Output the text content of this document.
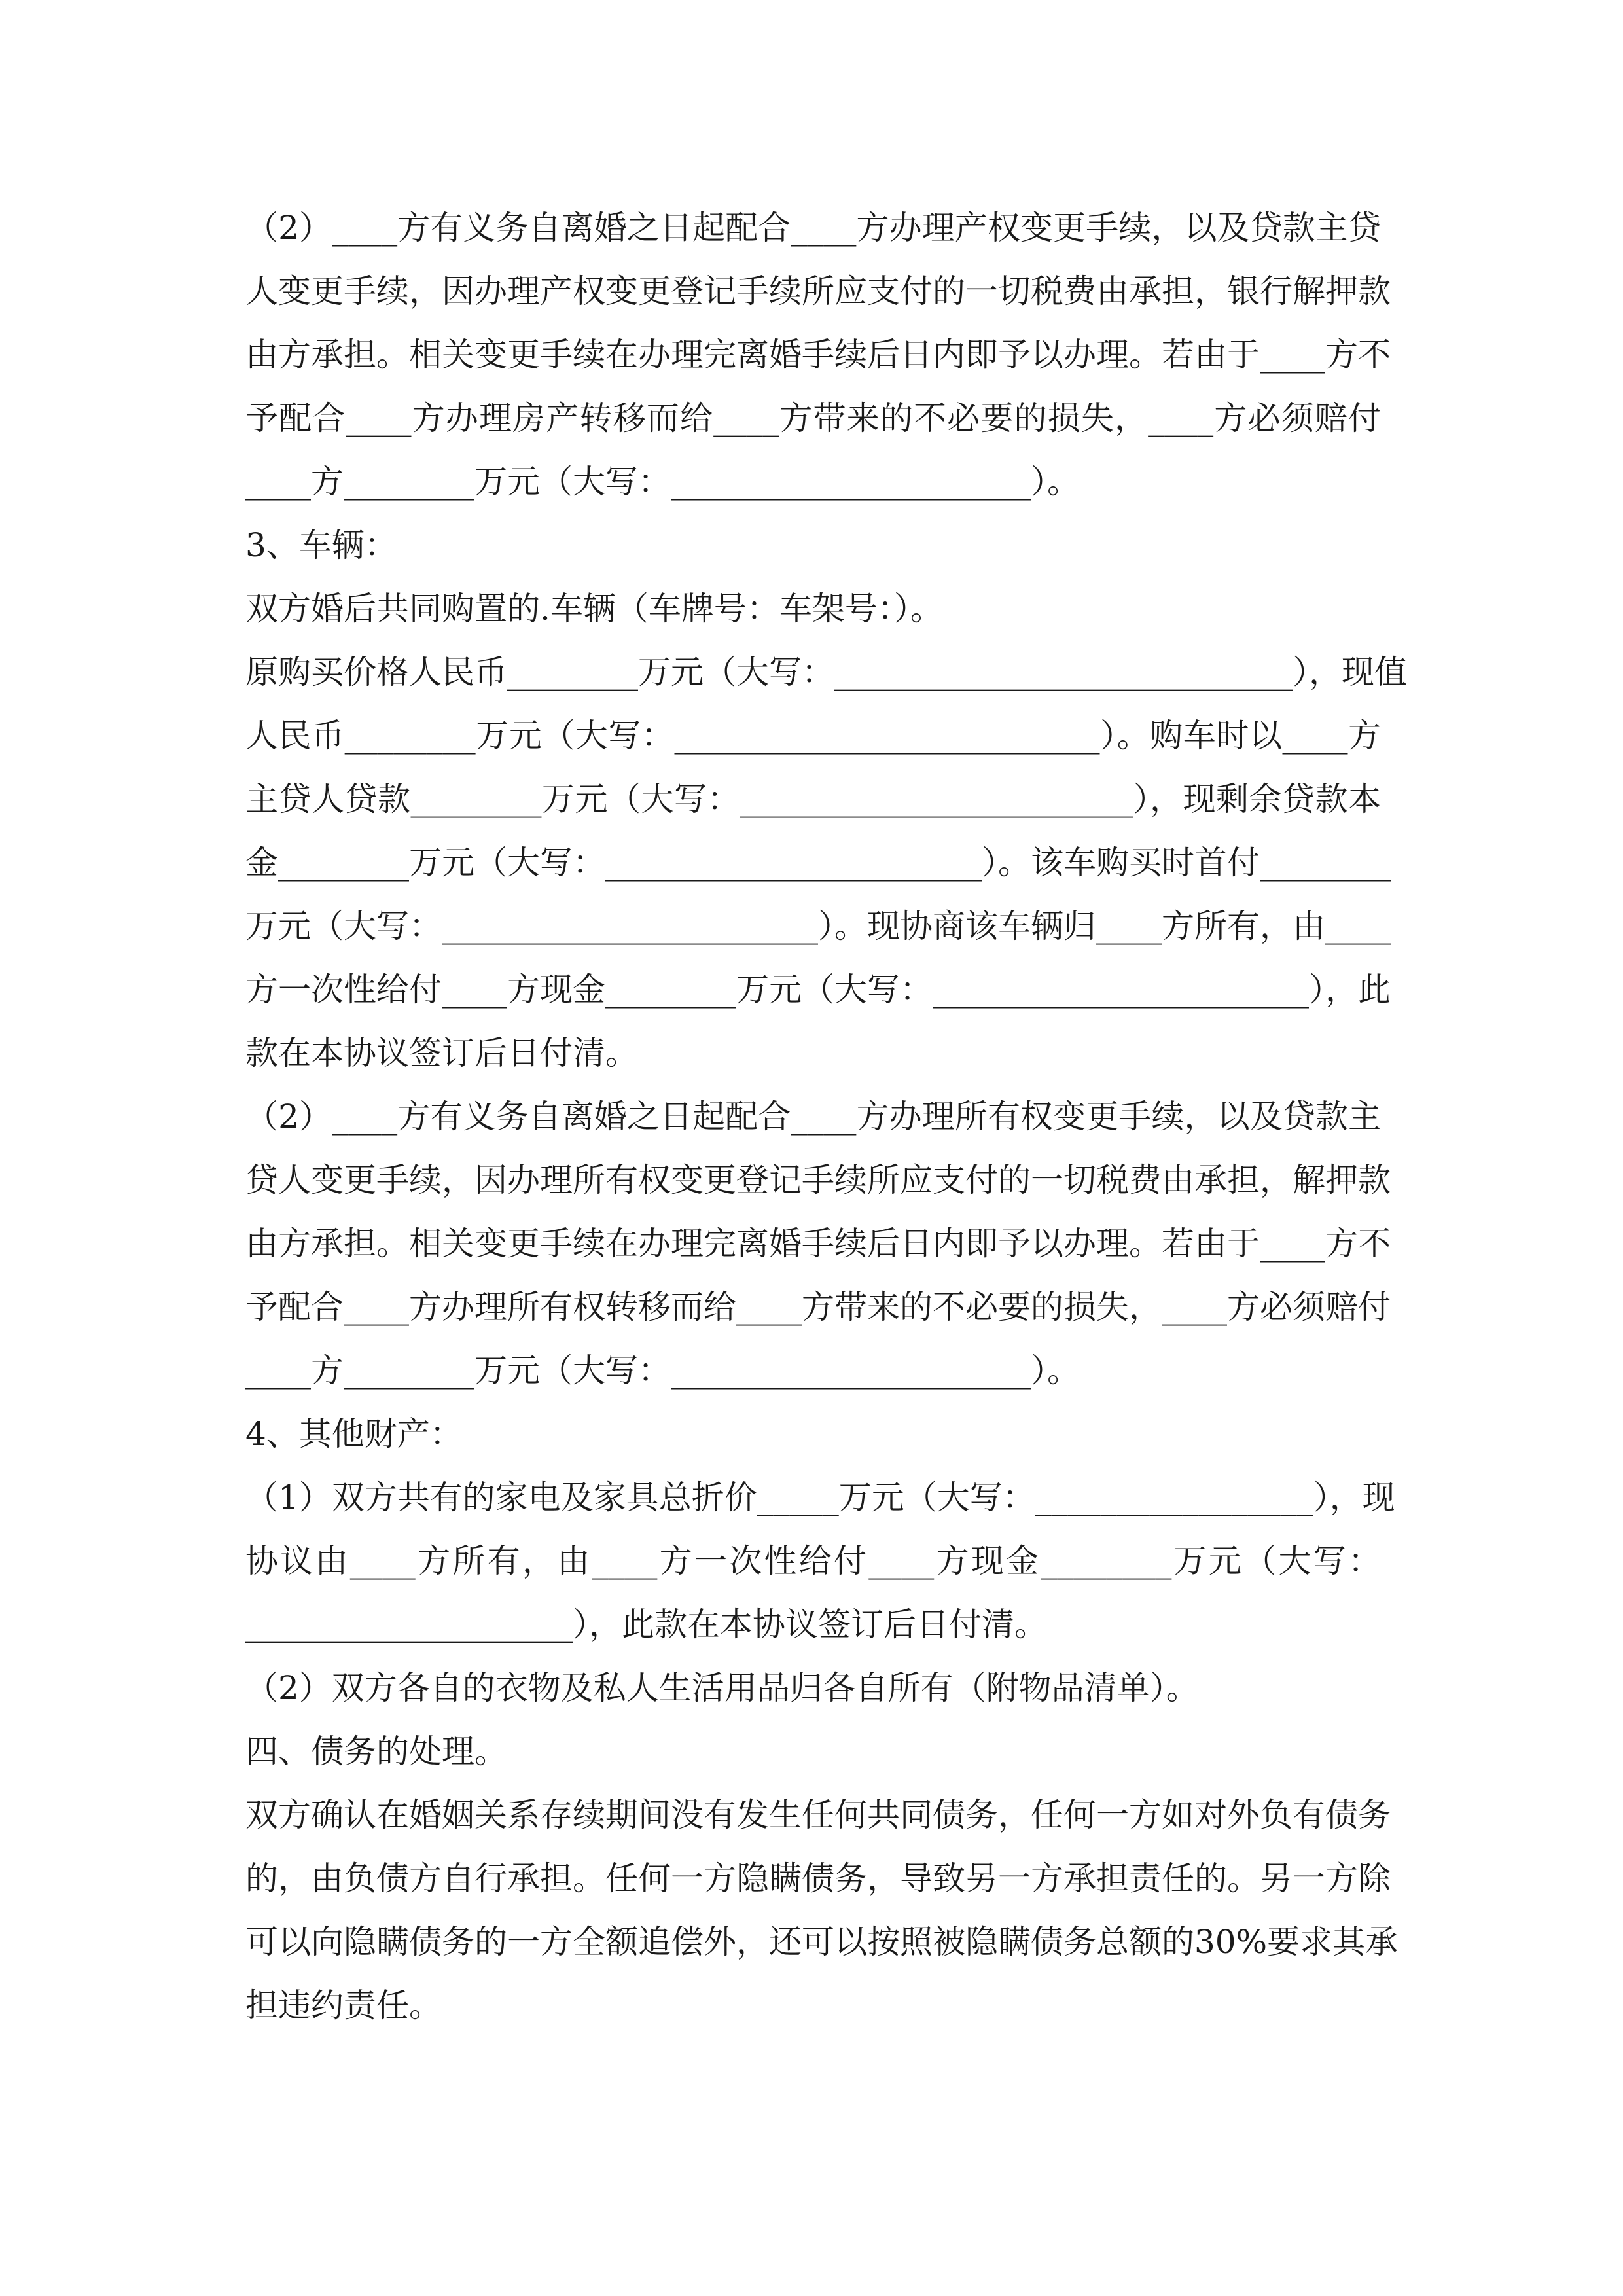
（2）____方有义务自离婚之日起配合____方办理产权变更手续，以及贷款主贷
人变更手续，因办理产权变更登记手续所应支付的一切税费由承担，银行解押款
由方承担。相关变更手续在办理完离婚手续后日内即予以办理。若由于____方不
予配合____方办理房产转移而给____方带来的不必要的损失，____方必须赔付
____方________万元（大写：______________________）。
3、车辆：
双方婚后共同购置的.车辆（车牌号：车架号：）。
原购买价格人民币________万元（大写：____________________________），现值
人民币________万元（大写：__________________________）。购车时以____方
主贷人贷款________万元（大写：________________________），现剩余贷款本
金________万元（大写：_______________________）。该车购买时首付________
万元（大写：_______________________）。现协商该车辆归____方所有，由____
方一次性给付____方现金________万元（大写：_______________________），此
款在本协议签订后日付清。
（2）____方有义务自离婚之日起配合____方办理所有权变更手续，以及贷款主
贷人变更手续，因办理所有权变更登记手续所应支付的一切税费由承担，解押款
由方承担。相关变更手续在办理完离婚手续后日内即予以办理。若由于____方不
予配合____方办理所有权转移而给____方带来的不必要的损失，____方必须赔付
____方________万元（大写：______________________）。
4、其他财产：
（1）双方共有的家电及家具总折价_____万元（大写：_________________），现
协议由____方所有，由____方一次性给付____方现金________万元（大写：
____________________），此款在本协议签订后日付清。
（2）双方各自的衣物及私人生活用品归各自所有（附物品清单）。
四、债务的处理。
双方确认在婚姻关系存续期间没有发生任何共同债务，任何一方如对外负有债务
的，由负债方自行承担。任何一方隐瞒债务，导致另一方承担责任的。另一方除
可以向隐瞒债务的一方全额追偿外，还可以按照被隐瞒债务总额的30%要求其承
担违约责任。
